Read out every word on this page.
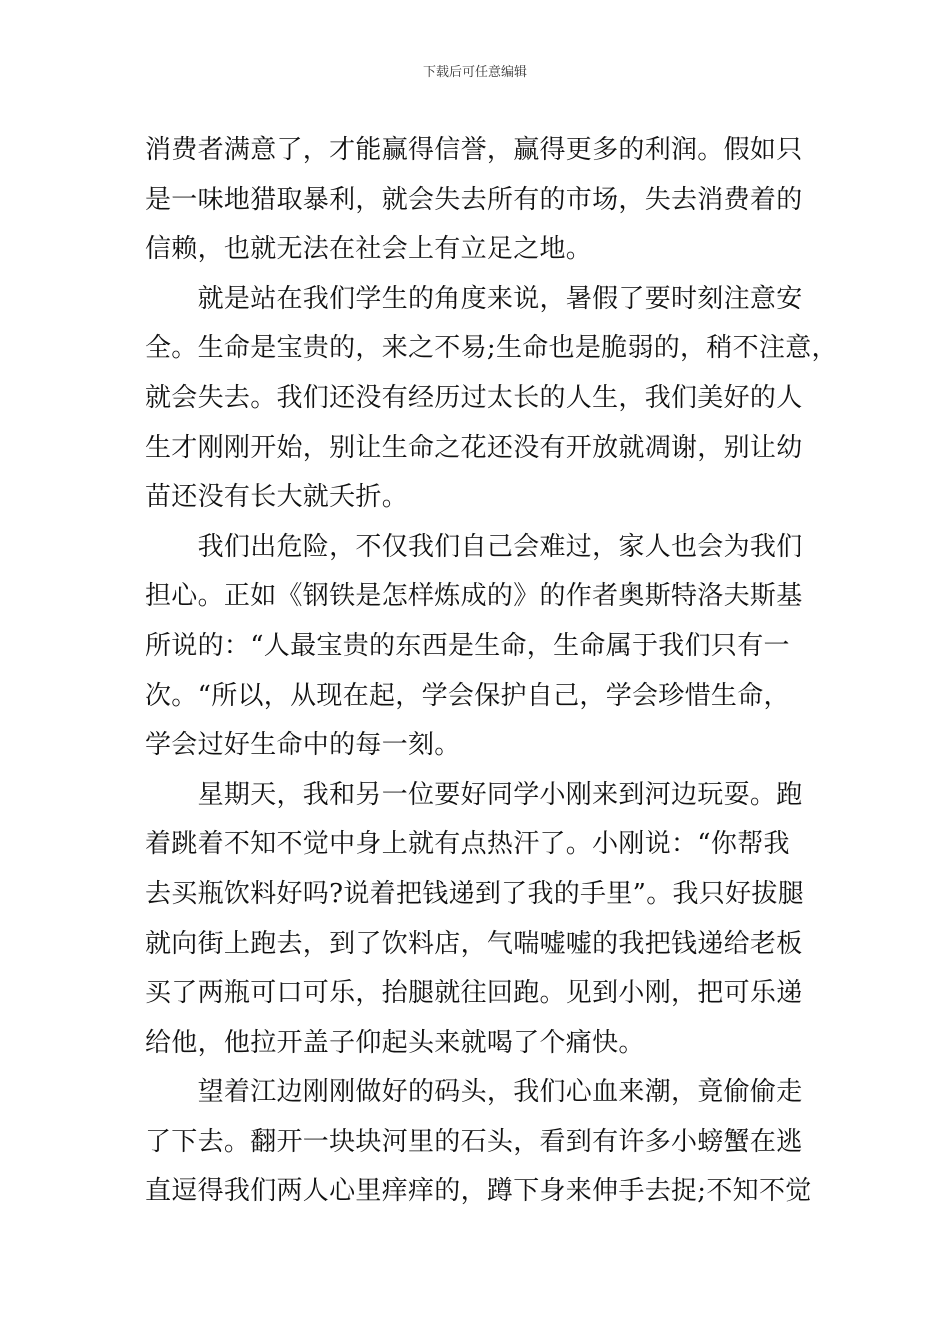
下载后可任意编辑
消费者满意了，才能赢得信誉，赢得更多的利润。假如只
是一味地猎取暴利，就会失去所有的市场，失去消费着的
信赖，也就无法在社会上有立足之地。
　　就是站在我们学生的角度来说，暑假了要时刻注意安
全。生命是宝贵的，来之不易;生命也是脆弱的，稍不注意，
就会失去。我们还没有经历过太长的人生，我们美好的人
生才刚刚开始，别让生命之花还没有开放就凋谢，别让幼
苗还没有长大就夭折。
　　我们出危险，不仅我们自己会难过，家人也会为我们
担心。正如《钢铁是怎样炼成的》的作者奥斯特洛夫斯基
所说的：“人最宝贵的东西是生命，生命属于我们只有一
次。“所以，从现在起，学会保护自己，学会珍惜生命，
学会过好生命中的每一刻。
　　星期天，我和另一位要好同学小刚来到河边玩耍。跑
着跳着不知不觉中身上就有点热汗了。小刚说：“你帮我
去买瓶饮料好吗?说着把钱递到了我的手里”。我只好拔腿
就向街上跑去，到了饮料店，气喘嘘嘘的我把钱递给老板
买了两瓶可口可乐，抬腿就往回跑。见到小刚，把可乐递
给他，他拉开盖子仰起头来就喝了个痛快。
　　望着江边刚刚做好的码头，我们心血来潮，竟偷偷走
了下去。翻开一块块河里的石头，看到有许多小螃蟹在逃
直逗得我们两人心里痒痒的，蹲下身来伸手去捉;不知不觉
